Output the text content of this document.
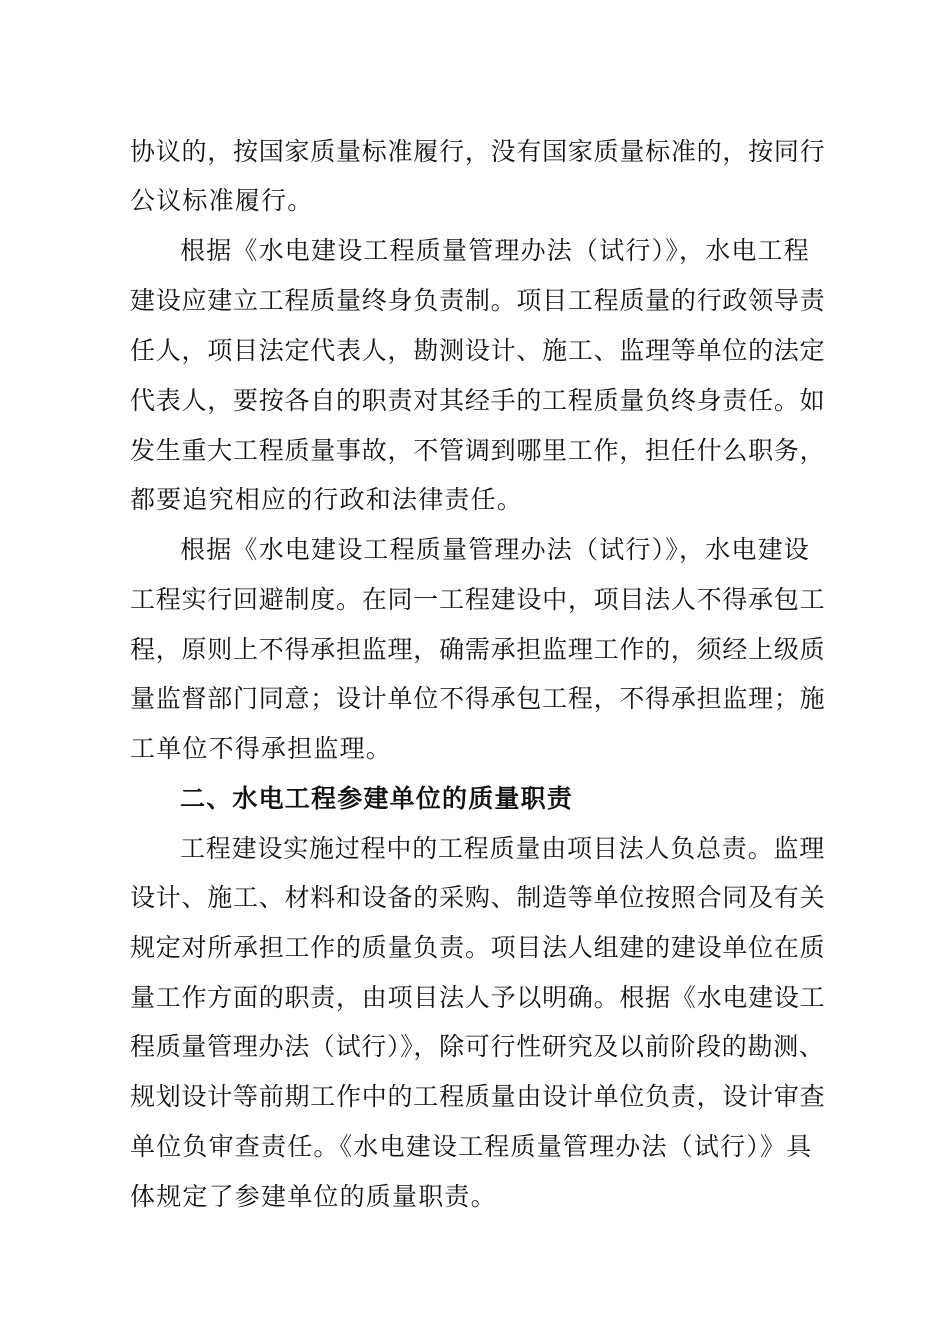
协议的，按国家质量标准履行，没有国家质量标准的，按同行
公议标准履行。
根据《水电建设工程质量管理办法（试行）》，水电工程
建设应建立工程质量终身负责制。项目工程质量的行政领导责
任人，项目法定代表人，勘测设计、施工、监理等单位的法定
代表人，要按各自的职责对其经手的工程质量负终身责任。如
发生重大工程质量事故，不管调到哪里工作，担任什么职务，
都要追究相应的行政和法律责任。
根据《水电建设工程质量管理办法（试行）》，水电建设
工程实行回避制度。在同一工程建设中，项目法人不得承包工
程，原则上不得承担监理，确需承担监理工作的，须经上级质
量监督部门同意；设计单位不得承包工程，不得承担监理；施
工单位不得承担监理。
二、水电工程参建单位的质量职责
工程建设实施过程中的工程质量由项目法人负总责。监理
设计、施工、材料和设备的采购、制造等单位按照合同及有关
规定对所承担工作的质量负责。项目法人组建的建设单位在质
量工作方面的职责，由项目法人予以明确。根据《水电建设工
程质量管理办法（试行）》，除可行性研究及以前阶段的勘测、
规划设计等前期工作中的工程质量由设计单位负责，设计审查
单位负审查责任。《水电建设工程质量管理办法（试行）》具
体规定了参建单位的质量职责。
